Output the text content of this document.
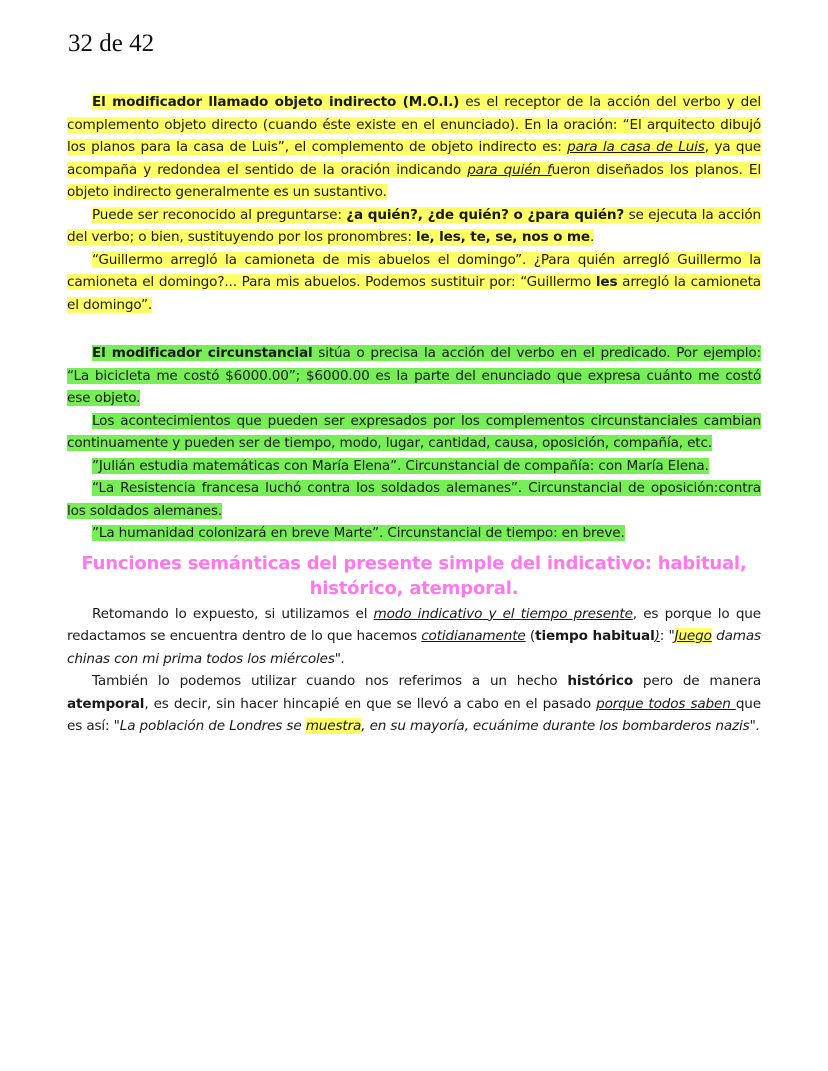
32 de 42

El modificador llamado objeto indirecto (M.O.I.) es el receptor de la acción del verbo y del complemento objeto directo (cuando éste existe en el enunciado). En la oración: “El arquitecto dibujó los planos para la casa de Luis”, el complemento de objeto indirecto es: para la casa de Luis, ya que acompaña y redondea el sentido de la oración indicando para quién fueron diseñados los planos. El objeto indirecto generalmente es un sustantivo.

Puede ser reconocido al preguntarse: ¿a quién?, ¿de quién? o ¿para quién? se ejecuta la acción del verbo; o bien, sustituyendo por los pronombres: le, les, te, se, nos o me.

“Guillermo arregló la camioneta de mis abuelos el domingo”. ¿Para quién arregló Guillermo la camioneta el domingo?... Para mis abuelos. Podemos sustituir por: “Guillermo les arregló la camioneta el domingo”.

El modificador circunstancial sitúa o precisa la acción del verbo en el predicado. Por ejemplo: “La bicicleta me costó $6000.00”; $6000.00 es la parte del enunciado que expresa cuánto me costó ese objeto.

Los acontecimientos que pueden ser expresados por los complementos circunstanciales cambian continuamente y pueden ser de tiempo, modo, lugar, cantidad, causa, oposición, compañía, etc.

”Julián estudia matemáticas con María Elena”. Circunstancial de compañía: con María Elena.

“La Resistencia francesa luchó contra los soldados alemanes”. Circunstancial de oposición:contra los soldados alemanes.

”La humanidad colonizará en breve Marte”. Circunstancial de tiempo: en breve.

Funciones semánticas del presente simple del indicativo: habitual, histórico, atemporal.

Retomando lo expuesto, si utilizamos el modo indicativo y el tiempo presente, es porque lo que redactamos se encuentra dentro de lo que hacemos cotidianamente (tiempo habitual): "Juego damas chinas con mi prima todos los miércoles".

También lo podemos utilizar cuando nos referimos a un hecho histórico pero de manera atemporal, es decir, sin hacer hincapié en que se llevó a cabo en el pasado porque todos saben que es así: "La población de Londres se muestra, en su mayoría, ecuánime durante los bombarderos nazis".
